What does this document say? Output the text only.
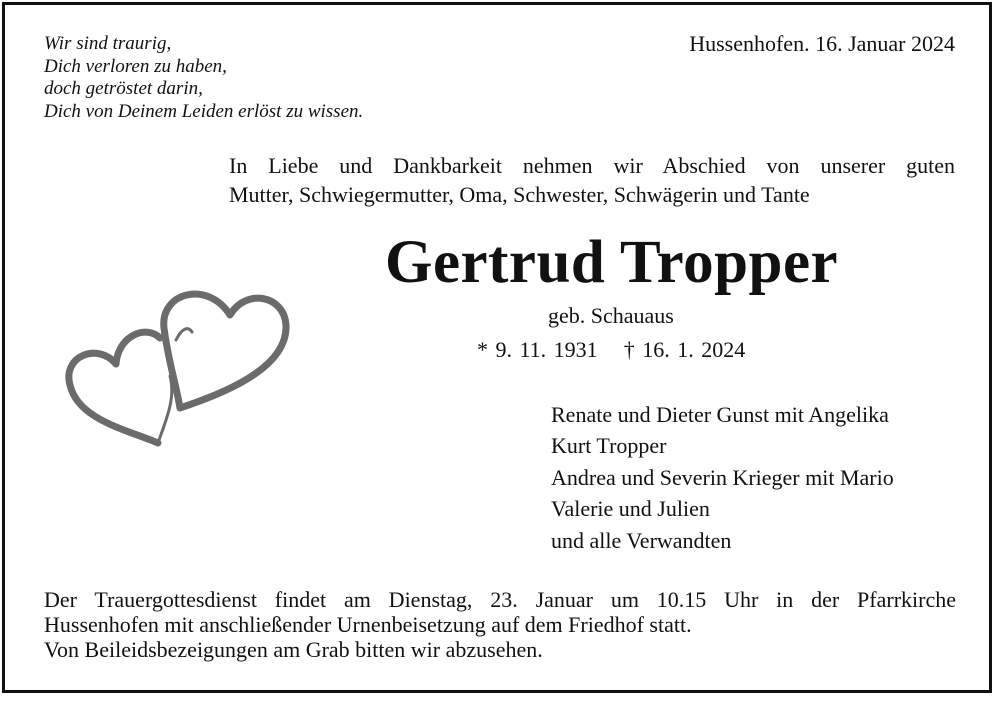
Wir sind traurig,
Dich verloren zu haben,
doch getröstet darin,
Dich von Deinem Leiden erlöst zu wissen.
Hussenhofen. 16. Januar 2024
In Liebe und Dankbarkeit nehmen wir Abschied von unserer guten
Mutter, Schwiegermutter, Oma, Schwester, Schwägerin und Tante
Gertrud Tropper
geb. Schauaus
* 9. 11. 1931 † 16. 1. 2024
Renate und Dieter Gunst mit Angelika
Kurt Tropper
Andrea und Severin Krieger mit Mario
Valerie und Julien
und alle Verwandten
Der Trauergottesdienst findet am Dienstag, 23. Januar um 10.15 Uhr in der Pfarrkirche
Hussenhofen mit anschließender Urnenbeisetzung auf dem Friedhof statt.
Von Beileidsbezeigungen am Grab bitten wir abzusehen.
